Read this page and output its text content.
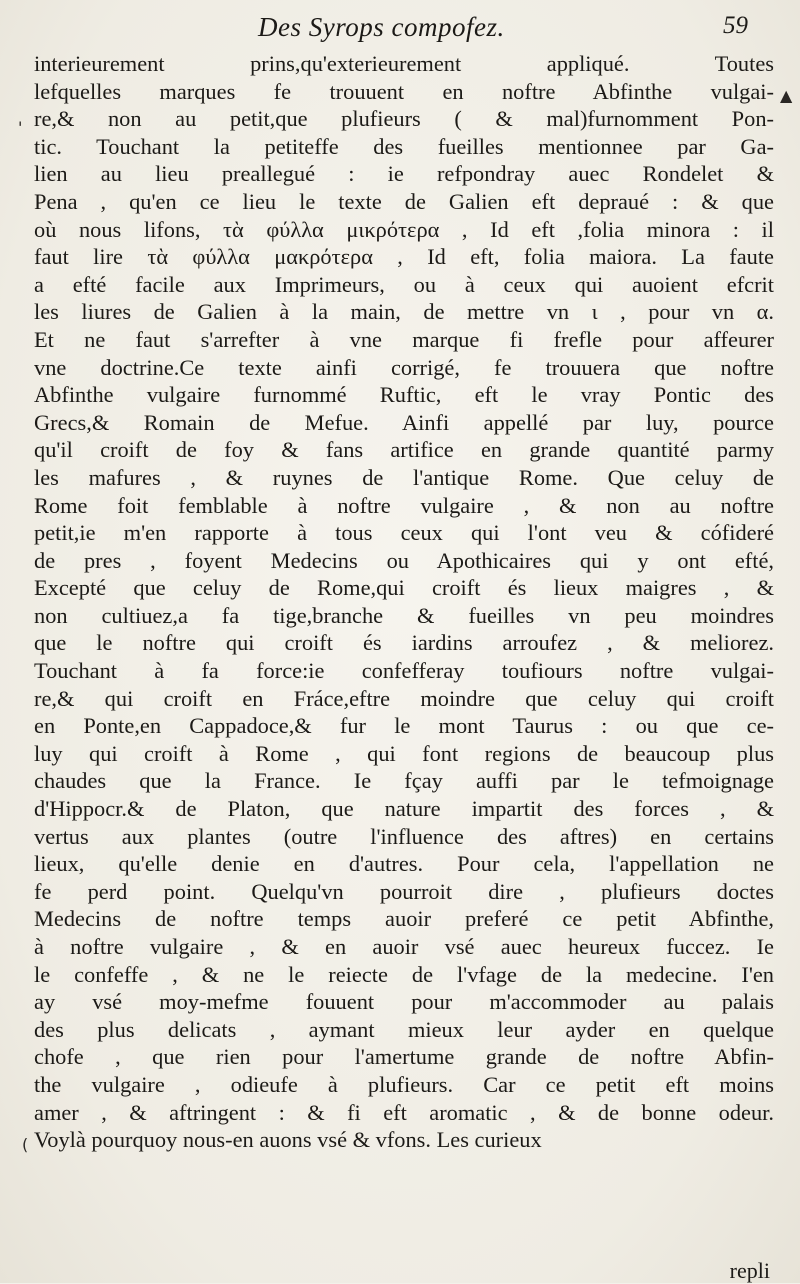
Des Syrops compofez.	59
interieurement prins,qu'exterieurement appliqué. Toutes
lefquelles marques fe trouuent en noftre Abfinthe vulgai-
re,& non au petit,que plufieurs ( & mal)furnomment Pon-
tic. Touchant la petiteffe des fueilles mentionnee par Ga-
lien au lieu preallegué : ie refpondray auec Rondelet &
Pena , qu'en ce lieu le texte de Galien eft depraué : & que
où nous lifons, τὰ φύλλα μικρότερα , Id eft ,folia minora : il
faut lire τὰ φύλλα μακρότερα , Id eft, folia maiora. La faute
a efté facile aux Imprimeurs, ou à ceux qui auoient efcrit
les liures de Galien à la main, de mettre vn ι , pour vn α.
Et ne faut s'arrefter à vne marque fi frefle pour affeurer
vne doctrine.Ce texte ainfi corrigé, fe trouuera que noftre
Abfinthe vulgaire furnommé Ruftic, eft le vray Pontic des
Grecs,& Romain de Mefue. Ainfi appellé par luy, pource
qu'il croift de foy & fans artifice en grande quantité parmy
les mafures , & ruynes de l'antique Rome. Que celuy de
Rome foit femblable à noftre vulgaire , & non au noftre
petit,ie m'en rapporte à tous ceux qui l'ont veu & cófideré
de pres , foyent Medecins ou Apothicaires qui y ont efté,
Excepté que celuy de Rome,qui croift és lieux maigres , &
non cultiuez,a fa tige,branche & fueilles vn peu moindres
que le noftre qui croift és iardins arroufez , & meliorez.
Touchant à fa force:ie confefferay toufiours noftre vulgai-
re,& qui croift en Fráce,eftre moindre que celuy qui croift
en Ponte,en Cappadoce,& fur le mont Taurus : ou que ce-
luy qui croift à Rome , qui font regions de beaucoup plus
chaudes que la France. Ie fçay auffi par le tefmoignage
d'Hippocr.& de Platon, que nature impartit des forces , &
vertus aux plantes (outre l'influence des aftres) en certains
lieux, qu'elle denie en d'autres. Pour cela, l'appellation ne
fe perd point. Quelqu'vn pourroit dire , plufieurs doctes
Medecins de noftre temps auoir preferé ce petit Abfinthe,
à noftre vulgaire , & en auoir vsé auec heureux fuccez. Ie
le confeffe , & ne le reiecte de l'vfage de la medecine. I'en
ay vsé moy-mefme fouuent pour m'accommoder au palais
des plus delicats , aymant mieux leur ayder en quelque
chofe , que rien pour l'amertume grande de noftre Abfin-
the vulgaire , odieufe à plufieurs. Car ce petit eft moins
amer , & aftringent : & fi eft aromatic , & de bonne odeur.
Voylà pourquoy nous-en auons vsé & vfons. Les curieux
▲
'
(
repli
